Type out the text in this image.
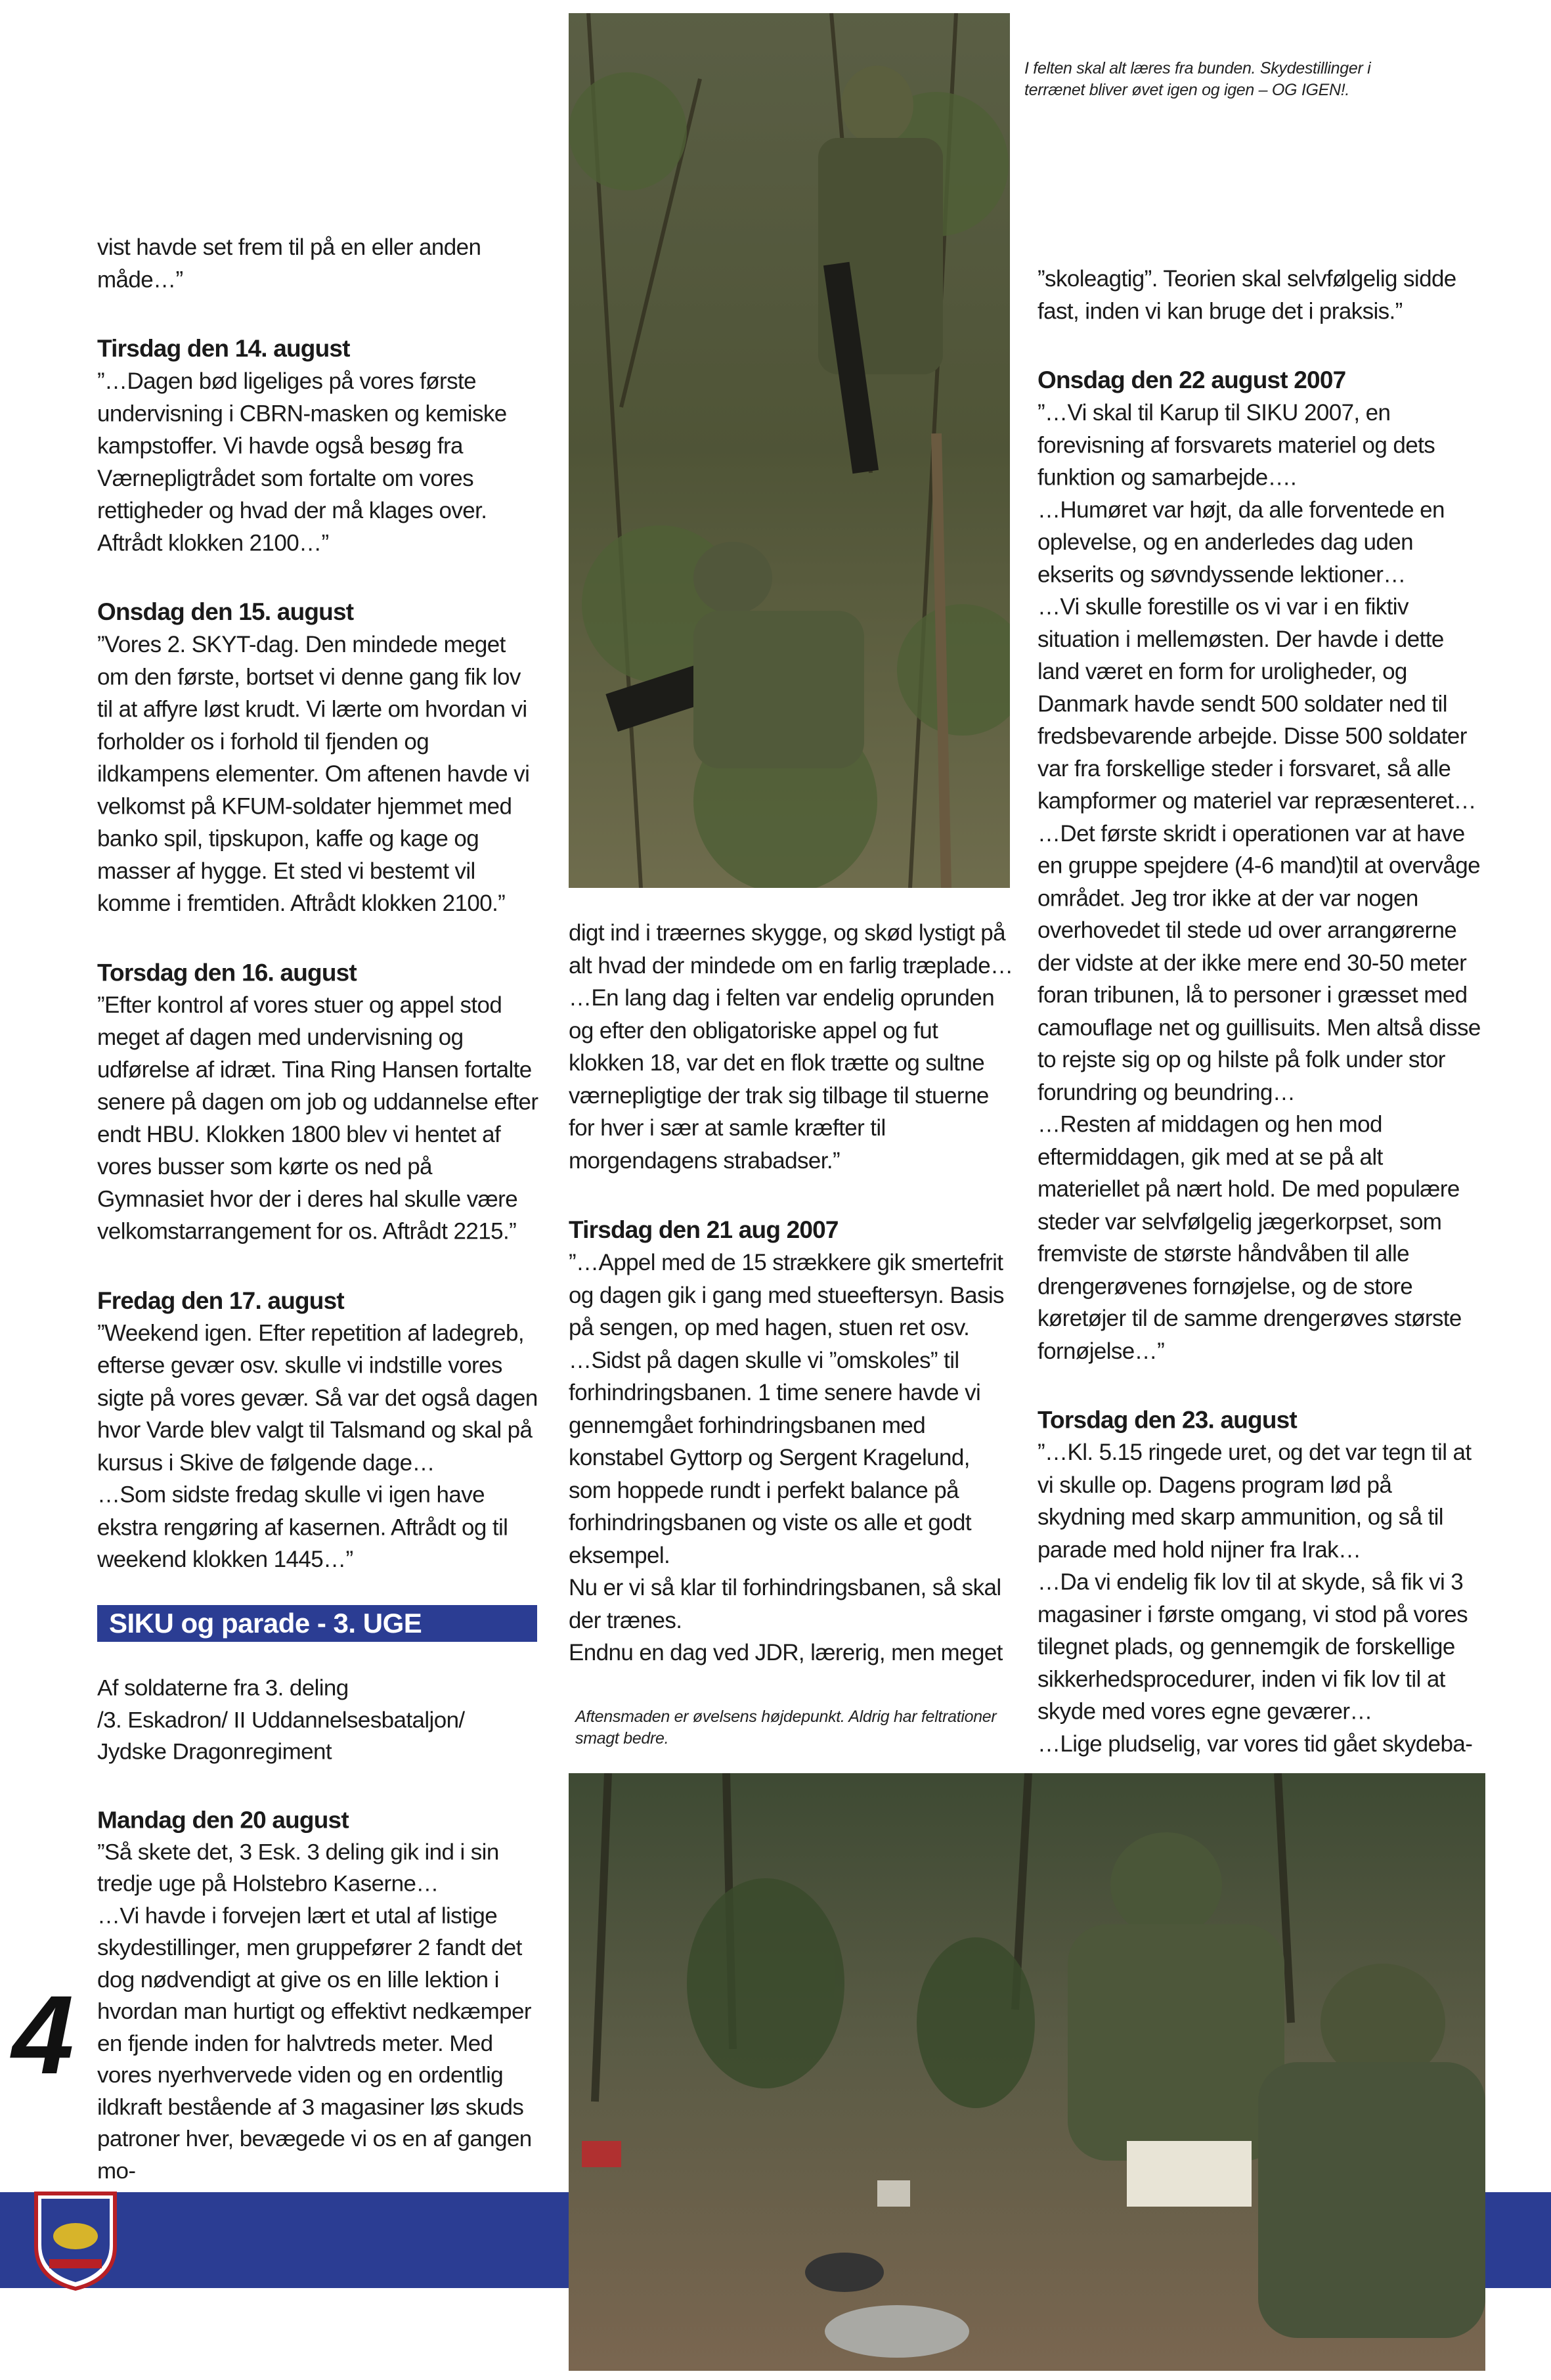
I felten skal alt læres fra bunden. Skydestillinger i terrænet bliver øvet igen og igen – OG IGEN!.

vist havde set frem til på en eller anden måde…”

Tirsdag den 14. august

”…Dagen bød ligeliges på vores første undervisning i CBRN-masken og kemiske kampstoffer. Vi havde også besøg fra Værnepligtrådet som fortalte om vores rettigheder og hvad der må klages over. Aftrådt klokken 2100…”

Onsdag den 15. august

”Vores 2. SKYT-dag. Den mindede meget om den første, bortset vi denne gang fik lov til at affyre løst krudt. Vi lærte om hvordan vi forholder os i forhold til fjenden og ildkampens elementer. Om aftenen havde vi velkomst på KFUM-soldater hjemmet med banko spil, tipskupon, kaffe og kage og masser af hygge. Et sted vi bestemt vil komme i fremtiden. Aftrådt klokken 2100.”

Torsdag den 16. august

”Efter kontrol af vores stuer og appel stod meget af dagen med undervisning og udførelse af idræt. Tina Ring Hansen fortalte senere på dagen om job og uddannelse efter endt HBU. Klokken 1800 blev vi hentet af vores busser som kørte os ned på Gymnasiet hvor der i deres hal skulle være velkomstarrangement for os. Aftrådt 2215.”

Fredag den 17. august

”Weekend igen. Efter repetition af ladegreb, efterse gevær osv. skulle vi indstille vores sigte på vores gevær. Så var det også dagen hvor Varde blev valgt til Talsmand og skal på kursus i Skive de følgende dage…
…Som sidste fredag skulle vi igen have ekstra rengøring af kasernen. Aftrådt og til weekend klokken 1445…”

SIKU og parade - 3. UGE

Af soldaterne fra 3. deling
/3. Eskadron/ II Uddannelsesbataljon/
Jydske Dragonregiment

Mandag den 20 august

”Så skete det, 3 Esk. 3 deling gik ind i sin tredje uge på Holstebro Kaserne…
…Vi havde i forvejen lært et utal af listige skydestillinger, men gruppefører 2 fandt det dog nødvendigt at give os en lille lektion i hvordan man hurtigt og effektivt nedkæmper en fjende inden for halvtreds meter. Med vores nyerhvervede viden og en ordentlig ildkraft bestående af 3 magasiner løs skuds patroner hver, bevægede vi os en af gangen mo-

digt ind i træernes skygge, og skød lystigt på alt hvad der mindede om en farlig træplade…
…En lang dag i felten var endelig oprunden og efter den obligatoriske appel og fut klokken 18, var det en flok trætte og sultne værnepligtige der trak sig tilbage til stuerne for hver i sær at samle kræfter til morgendagens strabadser.”

Tirsdag den 21 aug 2007

”…Appel med de 15 strækkere gik smertefrit og dagen gik i gang med stueeftersyn. Basis på sengen, op med hagen, stuen ret osv.
…Sidst på dagen skulle vi ”omskoles” til forhindringsbanen. 1 time senere havde vi gennemgået forhindringsbanen med konstabel Gyttorp og Sergent Kragelund, som hoppede rundt i perfekt balance på forhindringsbanen og viste os alle et godt eksempel.
Nu er vi så klar til forhindringsbanen, så skal der trænes.
Endnu en dag ved JDR, lærerig, men meget

Aftensmaden er øvelsens højdepunkt. Aldrig har feltrationer smagt bedre.

”skoleagtig”. Teorien skal selvfølgelig sidde fast, inden vi kan bruge det i praksis.”

Onsdag den 22 august 2007

”…Vi skal til Karup til SIKU 2007, en forevisning af forsvarets materiel og dets funktion og samarbejde….
…Humøret var højt, da alle forventede en oplevelse, og en anderledes dag uden ekserits og søvndyssende lektioner…
…Vi skulle forestille os vi var i en fiktiv situation i mellemøsten. Der havde i dette land været en form for uroligheder, og Danmark havde sendt 500 soldater ned til fredsbevarende arbejde. Disse 500 soldater var fra forskellige steder i forsvaret, så alle kampformer og materiel var repræsenteret…
…Det første skridt i operationen var at have en gruppe spejdere (4-6 mand)til at overvåge området. Jeg tror ikke at der var nogen overhovedet til stede ud over arrangørerne der vidste at der ikke mere end 30-50 meter foran tribunen, lå to personer i græsset med camouflage net og guillisuits. Men altså disse to rejste sig op og hilste på folk under stor forundring og beundring…
…Resten af middagen og hen mod eftermiddagen, gik med at se på alt materiellet på nært hold. De med populære steder var selvfølgelig jægerkorpset, som fremviste de største håndvåben til alle drengerøvenes fornøjelse, og de store køretøjer til de samme drengerøves største fornøjelse…”

Torsdag den 23. august

”…Kl. 5.15 ringede uret, og det var tegn til at vi skulle op. Dagens program lød på skydning med skarp ammunition, og så til parade med hold nijner fra Irak…
…Da vi endelig fik lov til at skyde, så fik vi 3 magasiner i første omgang, vi stod på vores tilegnet plads, og gennemgik de forskellige sikkerhedsprocedurer, inden vi fik lov til at skyde med vores egne geværer…
…Lige pludselig, var vores tid gået skydeba-

4
